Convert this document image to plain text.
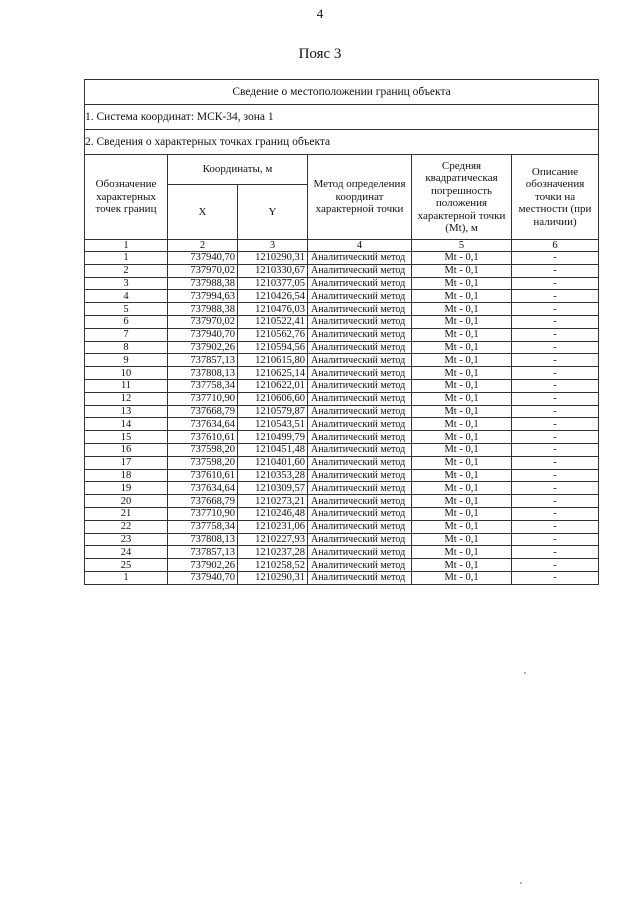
4
Пояс 3
Сведение о местоположении границ объекта					
1. Система координат: МСК-34, зона 1					
2. Сведения о характерных точках границ объекта					
Обозначение характерных точек границ	Координаты, м		Метод определения координат характерной точки	Средняя квадратическая погрешность положения характерной точки (Mt), м	Описание обозначения точки на местности (при наличии)
	X	Y			
1	2	3	4	5	6
1	737940,70	1210290,31	Аналитический метод	Mt - 0,1	-
2	737970,02	1210330,67	Аналитический метод	Mt - 0,1	-
3	737988,38	1210377,05	Аналитический метод	Mt - 0,1	-
4	737994,63	1210426,54	Аналитический метод	Mt - 0,1	-
5	737988,38	1210476,03	Аналитический метод	Mt - 0,1	-
6	737970,02	1210522,41	Аналитический метод	Mt - 0,1	-
7	737940,70	1210562,76	Аналитический метод	Mt - 0,1	-
8	737902,26	1210594,56	Аналитический метод	Mt - 0,1	-
9	737857,13	1210615,80	Аналитический метод	Mt - 0,1	-
10	737808,13	1210625,14	Аналитический метод	Mt - 0,1	-
11	737758,34	1210622,01	Аналитический метод	Mt - 0,1	-
12	737710,90	1210606,60	Аналитический метод	Mt - 0,1	-
13	737668,79	1210579,87	Аналитический метод	Mt - 0,1	-
14	737634,64	1210543,51	Аналитический метод	Mt - 0,1	-
15	737610,61	1210499,79	Аналитический метод	Mt - 0,1	-
16	737598,20	1210451,48	Аналитический метод	Mt - 0,1	-
17	737598,20	1210401,60	Аналитический метод	Mt - 0,1	-
18	737610,61	1210353,28	Аналитический метод	Mt - 0,1	-
19	737634,64	1210309,57	Аналитический метод	Mt - 0,1	-
20	737668,79	1210273,21	Аналитический метод	Mt - 0,1	-
21	737710,90	1210246,48	Аналитический метод	Mt - 0,1	-
22	737758,34	1210231,06	Аналитический метод	Mt - 0,1	-
23	737808,13	1210227,93	Аналитический метод	Mt - 0,1	-
24	737857,13	1210237,28	Аналитический метод	Mt - 0,1	-
25	737902,26	1210258,52	Аналитический метод	Mt - 0,1	-
1	737940,70	1210290,31	Аналитический метод	Mt - 0,1	-
